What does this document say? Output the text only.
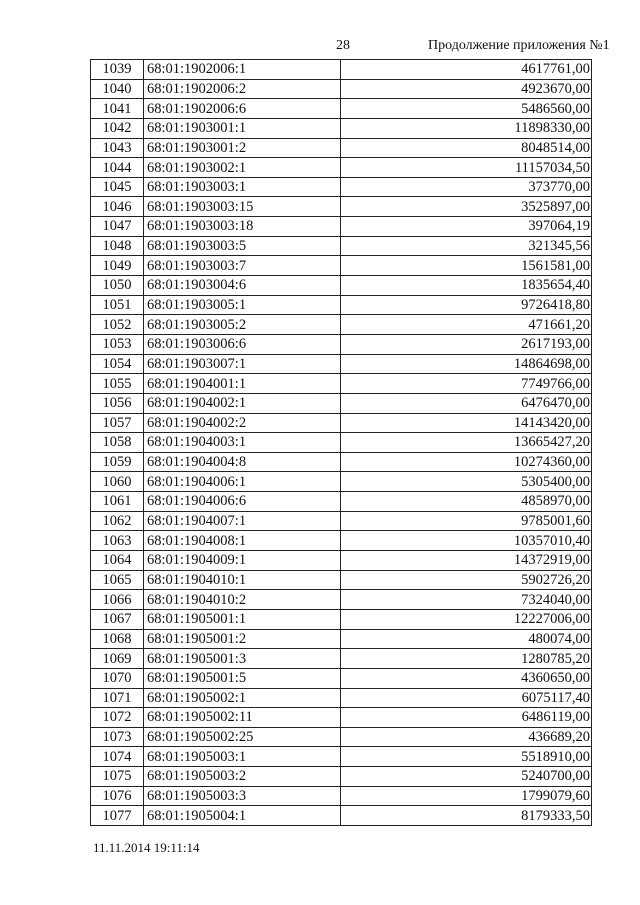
28	Продолжение приложения №1
1039	68:01:1902006:1	4617761,00
1040	68:01:1902006:2	4923670,00
1041	68:01:1902006:6	5486560,00
1042	68:01:1903001:1	11898330,00
1043	68:01:1903001:2	8048514,00
1044	68:01:1903002:1	11157034,50
1045	68:01:1903003:1	373770,00
1046	68:01:1903003:15	3525897,00
1047	68:01:1903003:18	397064,19
1048	68:01:1903003:5	321345,56
1049	68:01:1903003:7	1561581,00
1050	68:01:1903004:6	1835654,40
1051	68:01:1903005:1	9726418,80
1052	68:01:1903005:2	471661,20
1053	68:01:1903006:6	2617193,00
1054	68:01:1903007:1	14864698,00
1055	68:01:1904001:1	7749766,00
1056	68:01:1904002:1	6476470,00
1057	68:01:1904002:2	14143420,00
1058	68:01:1904003:1	13665427,20
1059	68:01:1904004:8	10274360,00
1060	68:01:1904006:1	5305400,00
1061	68:01:1904006:6	4858970,00
1062	68:01:1904007:1	9785001,60
1063	68:01:1904008:1	10357010,40
1064	68:01:1904009:1	14372919,00
1065	68:01:1904010:1	5902726,20
1066	68:01:1904010:2	7324040,00
1067	68:01:1905001:1	12227006,00
1068	68:01:1905001:2	480074,00
1069	68:01:1905001:3	1280785,20
1070	68:01:1905001:5	4360650,00
1071	68:01:1905002:1	6075117,40
1072	68:01:1905002:11	6486119,00
1073	68:01:1905002:25	436689,20
1074	68:01:1905003:1	5518910,00
1075	68:01:1905003:2	5240700,00
1076	68:01:1905003:3	1799079,60
1077	68:01:1905004:1	8179333,50
11.11.2014 19:11:14
